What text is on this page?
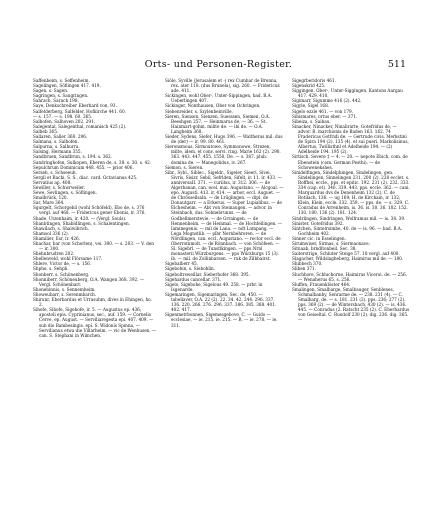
Orts- und Personen-Register.	511

Saffenbeim, s. Seffenheim.

Sagelingen, Söflingen 417. 419.

Sagen, s. Sagen.

Sagringen, s. Saugringen.

Sahrach, Sarach 198.

Saye, Denkschreiber Eberhard von, 93.

Salfelderberg, Salfelder, Hofkirche 441. 60.

— s. 157. — s. 198. 60. 265.

Salhofen, Salhoven 202. 291.

Salegental, Salegenthal, romanisch 425 (2).

Salheb 365.

Sallaren, Saller 368. 296.

Salmana, s. Salhofen.

Salpurna, s. Salhurra.

Salsing, Hermann 355.

Sandbruen, Sandbrun, s. 194. s. 362.

Sandringhofen, Sulkopen, Eberen de, s. 38. s. 30. s. 42.

Sepulchrum Dominicum 448. 455. — prior 406.

Serseh, s. Schseeuh.

Sergil et Bachi, S. S., diac. card. Octavianus 425.

Servatius ap. 408.

Sewiller, s. Schwrweiler.

Sewe, Sevlingen, s. Söflingen.

Smalbrück, 120.

Sar, Mare 364.

Sgurgelt, Schorgebil (wohl Schöfeld), Ebo de, s. 376 vergl. auf 468. — Fridericus gener Ebonis, ir. 376.

Shade, Utzenhaim, ir. 420. — (Vergl. Souls).

Shanbtingen, Shabldlingen, s. Schalentingen.

Shawilach, s. Shaiwibrich.

Shamsol 336 (2).

Shamilier, Esr, ir. 426.

Shachar, bar (von Schorlen), vei. 300. — s. 203. — V. den — ir. 300.

Shehnbrudren 202.

Shellenveld, wohl Flörsame 117.

Shlere, Victor de, — s. 156.

Shphe, s. Sehph.

Shonberr, s. Schönenberg.

Shonniberr, Schöneuberg, O.A. Wangen 368. 392. — Vergl. Schönenbarr.

Shonebinnis, s. Sennemheim.

Showeubarr, s. Serenmbarch.

Shirunr, Eberbardus et Urrasuhm, dives in Ehingen, ho. 2.

Sihofe, Sihofe, Sigehofe, ir. 5. — Augustus ep. 436; apostoli epis. Cyprinianus, sec., auf. 159. — Cornelio Cerve, ep. August. — Serviliaregesta epi. 407. 409. — sub dio Bambesingis. epi. S. Widonis Spinna, — Servilianus etwa die Villarheim. — vic de Wenhusen. — can. S. Stephani in Wimchen.

Siöle, Syville (Jerusalem et -) rex Cumbar de Brenna, rex. ater 118. (dus Brunela), sig. 260. — Fridericus ade. 411.

Sickingen, wohl Ober-, Unter-Sippingen, bad. B.A. Ueberlingen 407.

Sickinger, Nonthausen, Ober von Ochringen.

Siebenreider, s. Szylenbeinville.

Sieren, Siensen, Sienzen, Suesssen, Siemen, O.A. Beeshgen 257. — Heinmarus de, — 36. — St. Hainmart-gohm. milite de. — ibi de. — O.A. Langheim 368.

Sieder, Sydens, Siefer, Hugo 396. — Waltherus mil. dus de (der) — ir. 99. 80. 461.

Sieronsmous, Sirmoutowe, Symmonowe, Strezen, milte, idem, et conv. servi. ring. Marie 162 (2). 290. 363. 443. 447. 455. 1550, De. — s. 387. plub. domina de. — Manegolidus, iv. 267.

Siemon, s. Sieren.

Sibr., Sybl., Siblec., Sigeldr., Sigeler, Sieeri, Sivei, Sivris, Sisizr, Sebil, Sefrlden, Sifelt, ir. 11. ir. 433. — anniversaII. 371. — curiilus, ir. 312. 306. — de Algerbanan, can. ecel. mai. Augustano. — Alcgoal. — epo. Augusti. 413. ir. 414. — arbor, eccl. Auguet. — de Chrôssellsaln. — de Lrüglingen. — dipl. de Donautgarr. — a Erkerus. — Super Lupialibus. — de Elchesheim. — Abt von Steinaugen. — advor. in Steinbach, dus. Sohnebrunns. — de Godbellmerstevie. — de Grraingen. — de Hennenheim. — de Hemmal. — de Hochfellingen. — Iaminegenis. — mil de Lana. — ndt Lompang. — Lega Mognstlib. — plbr Nernbehreren. — de Nördlingen, can. eccl. Augustano. — rector eccl. de Oberrotnmolt. — de Rönnbach. — von Schöfeen. — Sl. Sigebrl. — de Tunstlkingen. — pps Nrnl monasterii Würzburgens. — pps Würzburgs 15 (3). ib. — mil. de Zollinbarsen. — ruk de Zilbbairst.

Sigebalberr 45.

Sigebohin, s. Siebohlin.

Sigeboltrsweillar. Sieberhofer 368. 395.

Sigehardus cancellar. 371.

Sigelo, Sigebohe, Sigelous 49. 258. — prbr. in Isgenarde.

Sigemaringen, Sigemaringen, Sec. de, 450. — tabellaver, O.A. 22 (2). 22. 34. 42. 244. 296. 337. 136. 220. 266. 276. 296. 337. 386. 385. 388. 401. 402. 417.

Sigenmetrbonnen, Sigemesgebove, C. — Guido — ecclesiae, — ie. 215. ie. 215. — B. — ie. 278. — ie. 311.

Sigegrberidoris 461.

Sigenskrid 425.

Siggingen, Ober-, Unter-Siggingen, Kantons Aargau 417. 429. 410.

Sigimarr, Sigumme 416 (2). 442.

Sigyle, Sigel 168.

Sigelo ezzle 461. — von 179.

Sibismares, ortus eber. — 371.

Sibeiza, s. Saibau.

Sinacker, Ninacker, Ninalirarte, Gotefridus de, — advor. B. marchionis de Baden 163. 162. 74 Fradericas Gotfridi de. — Gertrude civis. Merkstini de Spira 194 (2). 135 (4). et sui pueri. Markolisinus, Albertus, Twillisthnl et Adelheide 194. — (2) Adelheide 194. 195 (2).

Sirtisch, Severe ‡ — 4. — 20. — nepote Ebich, com. de Ebenstein (com. German Pesthi). — de Schowenekshes.

Sinidelfingen, Sindelphingen, Sindelingen, gen. Sindelingen, Sinnelingen 231, 200 (2). 228 ecclet. s. Roffhei, eccle., pps. et epitic. 192. 231 (2). 232. 333. 334 (cap. et). 340. 339. 443. pps. eccle. 362. — cani. Marquardus dvs de Denenheim 132 (2). C. de Rotilach, 136. — ug 169; H. de Kirchain, ir. 132; Klein, Klein, eccle. 332. 359. — pps. de. — s. 329. C. Conradus de Arrenheim, is. 36. is. 30. 36. 182. 152. 130. 180. 136 (2). 181. 124.

Sindrlingen, Sindringen, Wolframus mil. — is. 38. 39.

Sinister, Gotefridus 392.

Sintchen, Sintelrsimbe, 40. de — is. 96. — bad. B.A. Gochheim 402.

Sinner cic. in Esselingen.

Sirumwiser, Sirmas, s. Siermaonave.

Sitnaab, brndltonbeil. Sec. 38.

Saiterstrige, Schluter Steige 57. 18 vergl. auf 400.

Slagacher, Wildslagheberg, Haimirus mil de. — 180.

Shibbech 370.

Sliben 371.

Sluchhore, Schluchorne, Haimirus Viceroi. de. — 256. — Wenaherus 65. s. 256.

Sluffen, Frauenklöster 464.

Smalingen, Smalbarge, Smalbauger, Senblenes, Schmalbanby, Senrarme de. — 238. 231 (4). — C. Smalbarg, de. — s. 181. 231 (2). pps. 236; 277 (2). pps. 369 (2). — de Wintersbach, 430 (2). — is. 436. 445. — Conradus (2. Ratscht 235 (2). C. Eberhardus von Geiseltal. C. Ruodolf 230 (2). dig. 236. dig. 365. —
